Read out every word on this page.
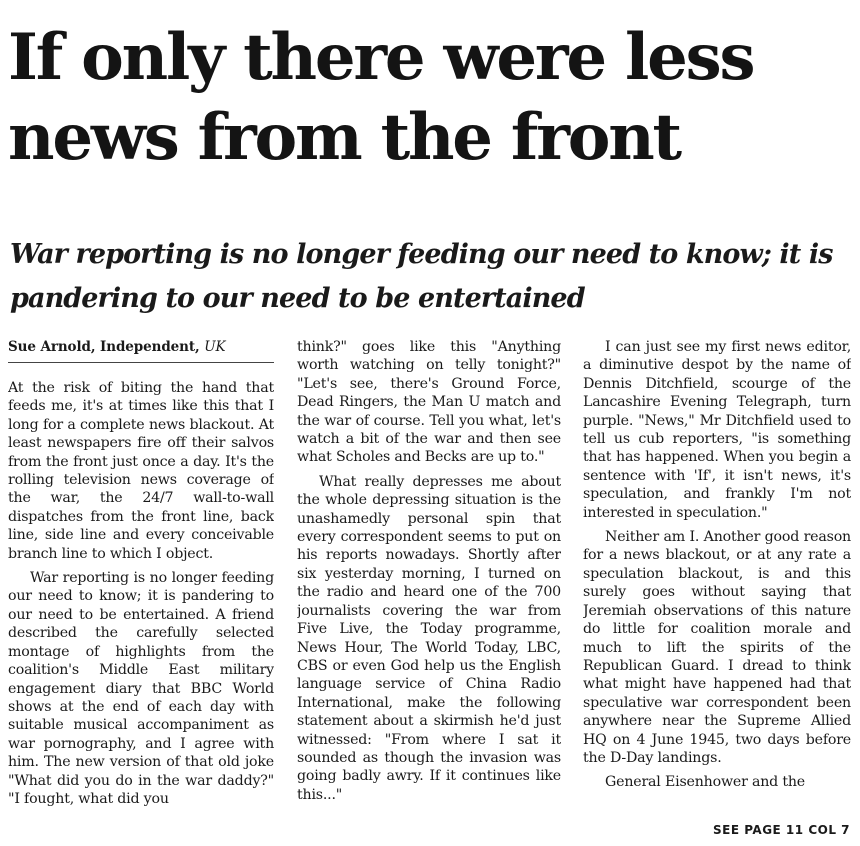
If only there were less news from the front
War reporting is no longer feeding our need to know; it is pandering to our need to be entertained
Sue Arnold, Independent, UK

At the risk of biting the hand that feeds me, it's at times like this that I long for a complete news blackout. At least newspapers fire off their salvos from the front just once a day. It's the rolling television news coverage of the war, the 24/7 wall-to-wall dispatches from the front line, back line, side line and every conceivable branch line to which I object.

War reporting is no longer feeding our need to know; it is pandering to our need to be entertained. A friend described the carefully selected montage of highlights from the coalition's Middle East military engagement diary that BBC World shows at the end of each day with suitable musical accompaniment as war pornography, and I agree with him. The new version of that old joke "What did you do in the war daddy?" "I fought, what did you

think?" goes like this "Anything worth watching on telly tonight?" "Let's see, there's Ground Force, Dead Ringers, the Man U match and the war of course. Tell you what, let's watch a bit of the war and then see what Scholes and Becks are up to."

What really depresses me about the whole depressing situation is the unashamedly personal spin that every correspondent seems to put on his reports nowadays. Shortly after six yesterday morning, I turned on the radio and heard one of the 700 journalists covering the war from Five Live, the Today programme, News Hour, The World Today, LBC, CBS or even God help us the English language service of China Radio International, make the following statement about a skirmish he'd just witnessed: "From where I sat it sounded as though the invasion was going badly awry. If it continues like this..."

I can just see my first news editor, a diminutive despot by the name of Dennis Ditchfield, scourge of the Lancashire Evening Telegraph, turn purple. "News," Mr Ditchfield used to tell us cub reporters, "is something that has happened. When you begin a sentence with 'If', it isn't news, it's speculation, and frankly I'm not interested in speculation."

Neither am I. Another good reason for a news blackout, or at any rate a speculation blackout, is and this surely goes without saying that Jeremiah observations of this nature do little for coalition morale and much to lift the spirits of the Republican Guard. I dread to think what might have happened had that speculative war correspondent been anywhere near the Supreme Allied HQ on 4 June 1945, two days before the D-Day landings.

General Eisenhower and the

SEE PAGE 11 COL 7
